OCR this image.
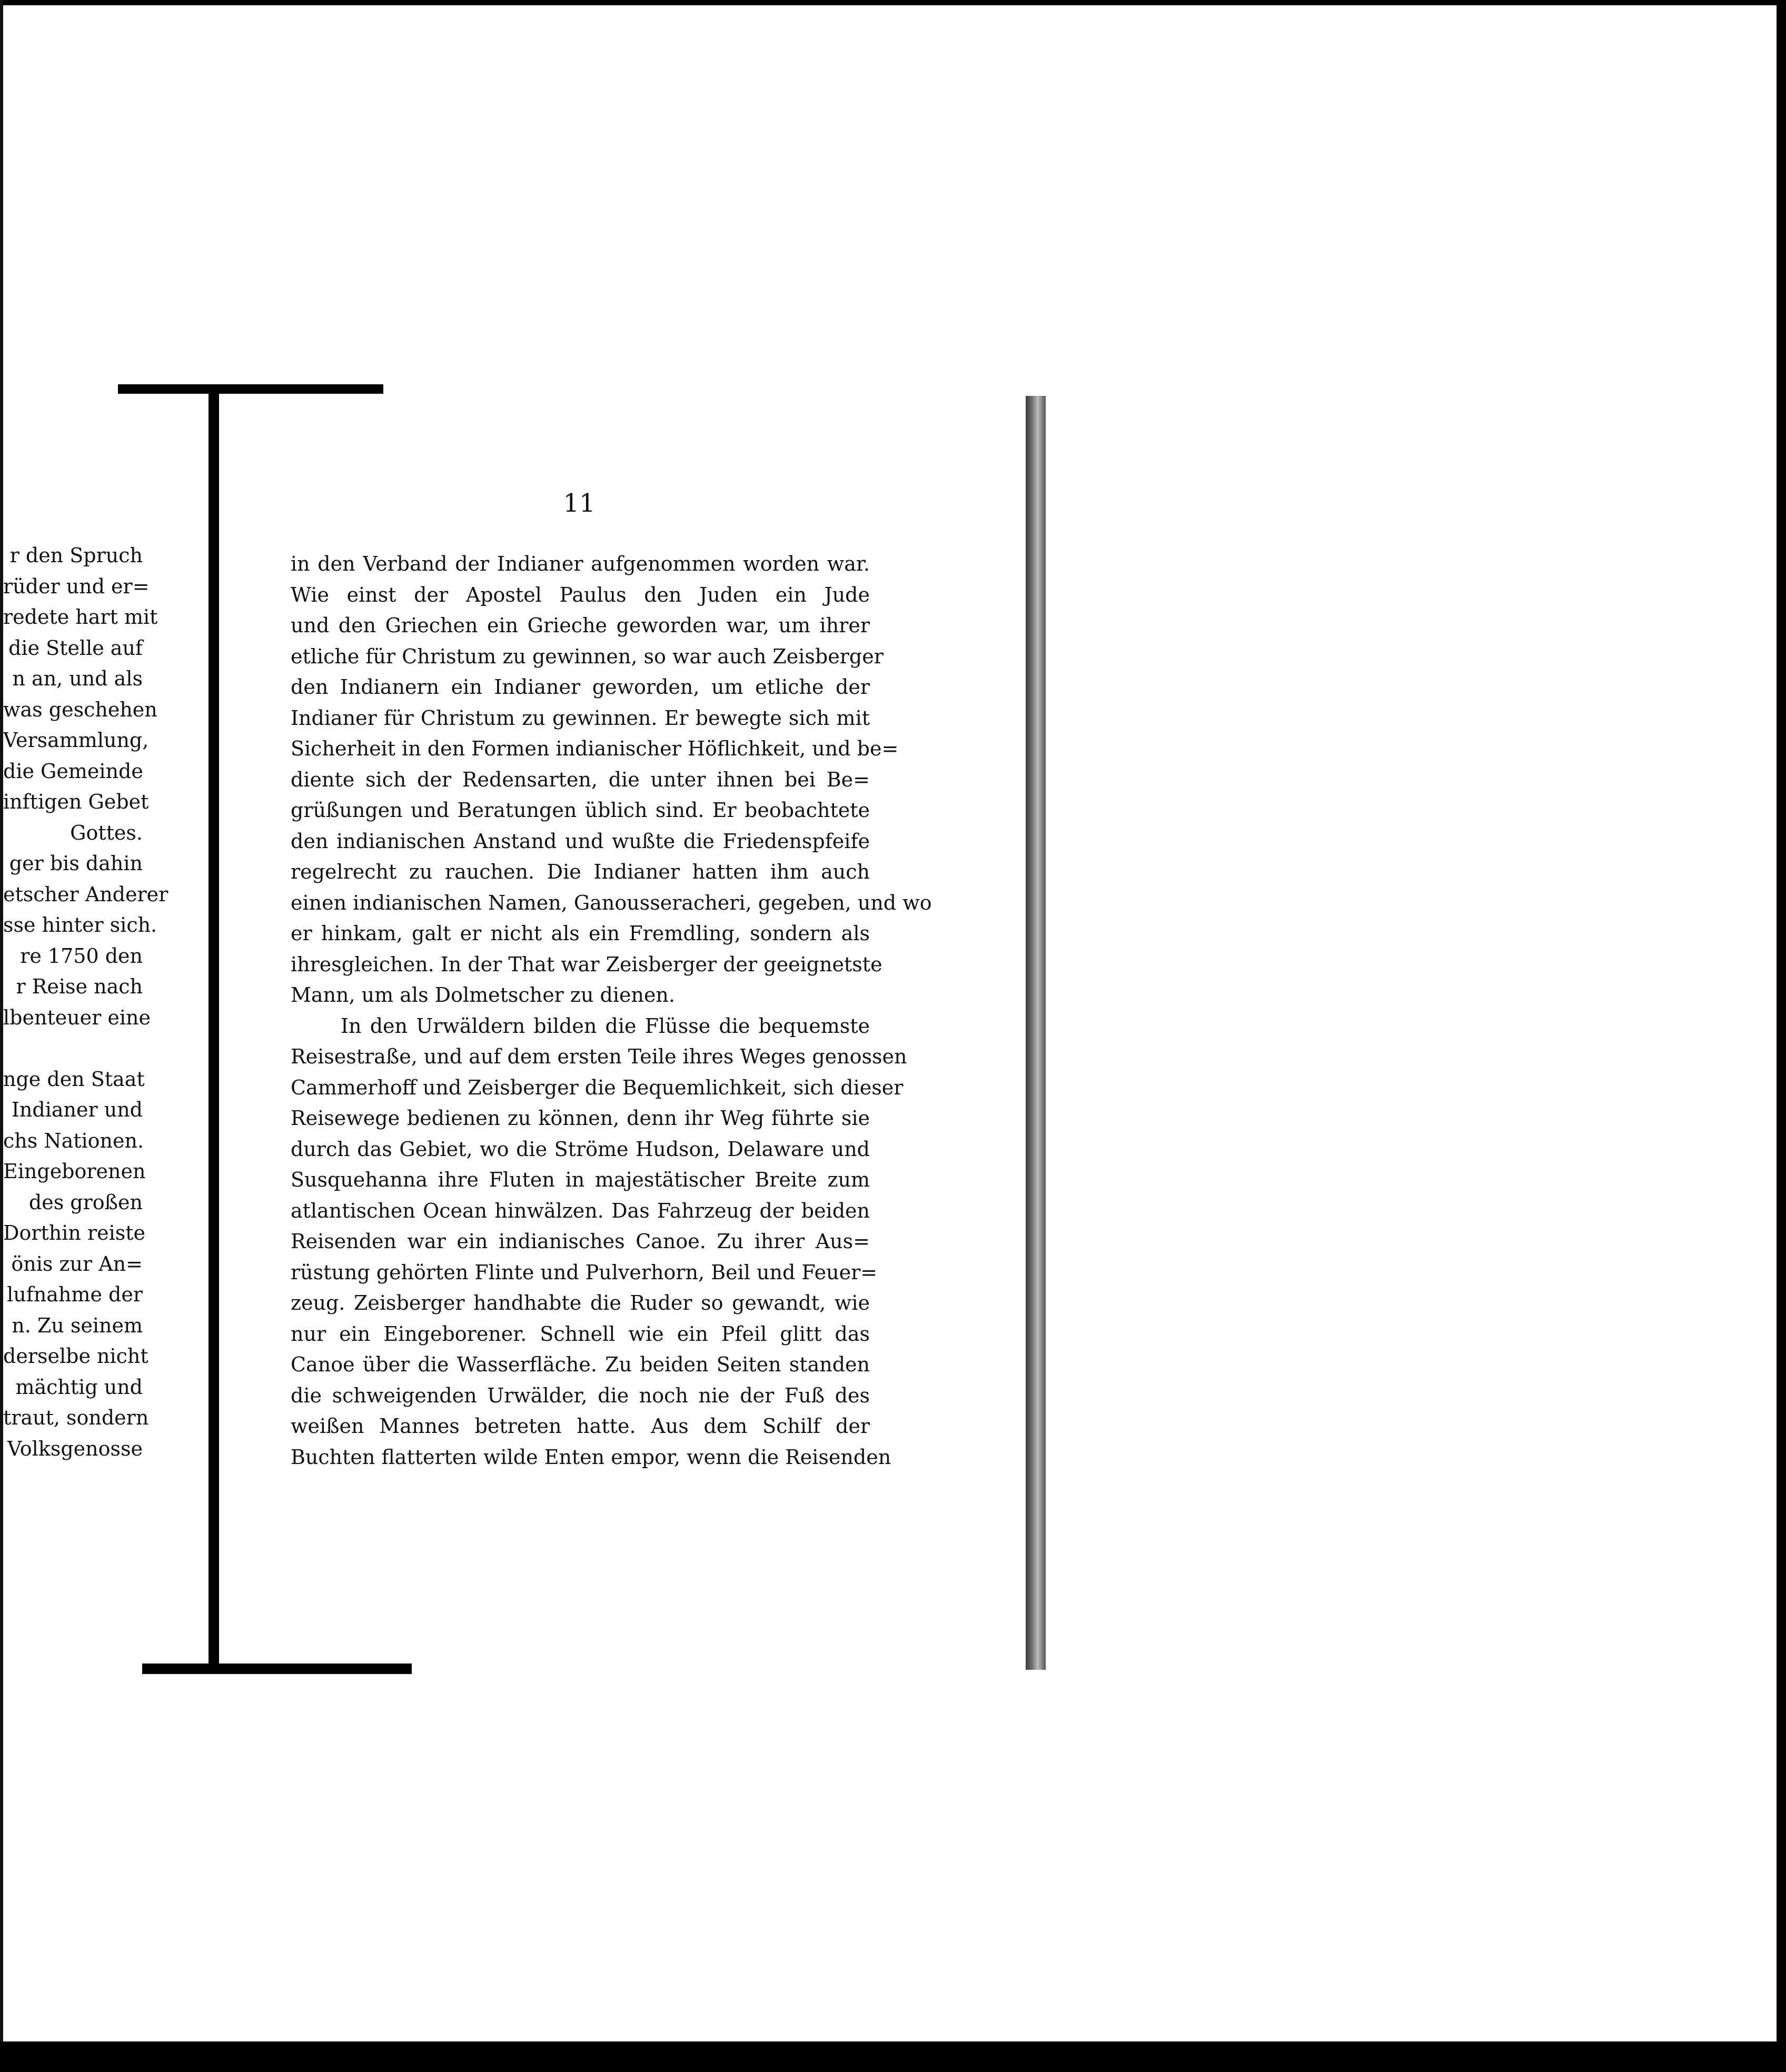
r den Spruch
rüder und er=
redete hart mit
die Stelle auf
n an, und als
was geschehen
Versammlung,
die Gemeinde
inftigen Gebet
Gottes.
ger bis dahin
etscher Anderer
sse hinter sich.
re 1750 den
r Reise nach
lbenteuer eine
nge den Staat
Indianer und
chs Nationen.
Eingeborenen
des großen
Dorthin reiste
önis zur An=
lufnahme der
n. Zu seinem
derselbe nicht
mächtig und
traut, sondern
Volksgenosse
11
in den Verband der Indianer aufgenommen worden war.
Wie einst der Apostel Paulus den Juden ein Jude
und den Griechen ein Grieche geworden war, um ihrer
etliche für Christum zu gewinnen, so war auch Zeisberger
den Indianern ein Indianer geworden, um etliche der
Indianer für Christum zu gewinnen. Er bewegte sich mit
Sicherheit in den Formen indianischer Höflichkeit, und be=
diente sich der Redensarten, die unter ihnen bei Be=
grüßungen und Beratungen üblich sind. Er beobachtete
den indianischen Anstand und wußte die Friedenspfeife
regelrecht zu rauchen. Die Indianer hatten ihm auch
einen indianischen Namen, Ganousseracheri, gegeben, und wo
er hinkam, galt er nicht als ein Fremdling, sondern als
ihresgleichen. In der That war Zeisberger der geeignetste
Mann, um als Dolmetscher zu dienen.
In den Urwäldern bilden die Flüsse die bequemste
Reisestraße, und auf dem ersten Teile ihres Weges genossen
Cammerhoff und Zeisberger die Bequemlichkeit, sich dieser
Reisewege bedienen zu können, denn ihr Weg führte sie
durch das Gebiet, wo die Ströme Hudson, Delaware und
Susquehanna ihre Fluten in majestätischer Breite zum
atlantischen Ocean hinwälzen. Das Fahrzeug der beiden
Reisenden war ein indianisches Canoe. Zu ihrer Aus=
rüstung gehörten Flinte und Pulverhorn, Beil und Feuer=
zeug. Zeisberger handhabte die Ruder so gewandt, wie
nur ein Eingeborener. Schnell wie ein Pfeil glitt das
Canoe über die Wasserfläche. Zu beiden Seiten standen
die schweigenden Urwälder, die noch nie der Fuß des
weißen Mannes betreten hatte. Aus dem Schilf der
Buchten flatterten wilde Enten empor, wenn die Reisenden
